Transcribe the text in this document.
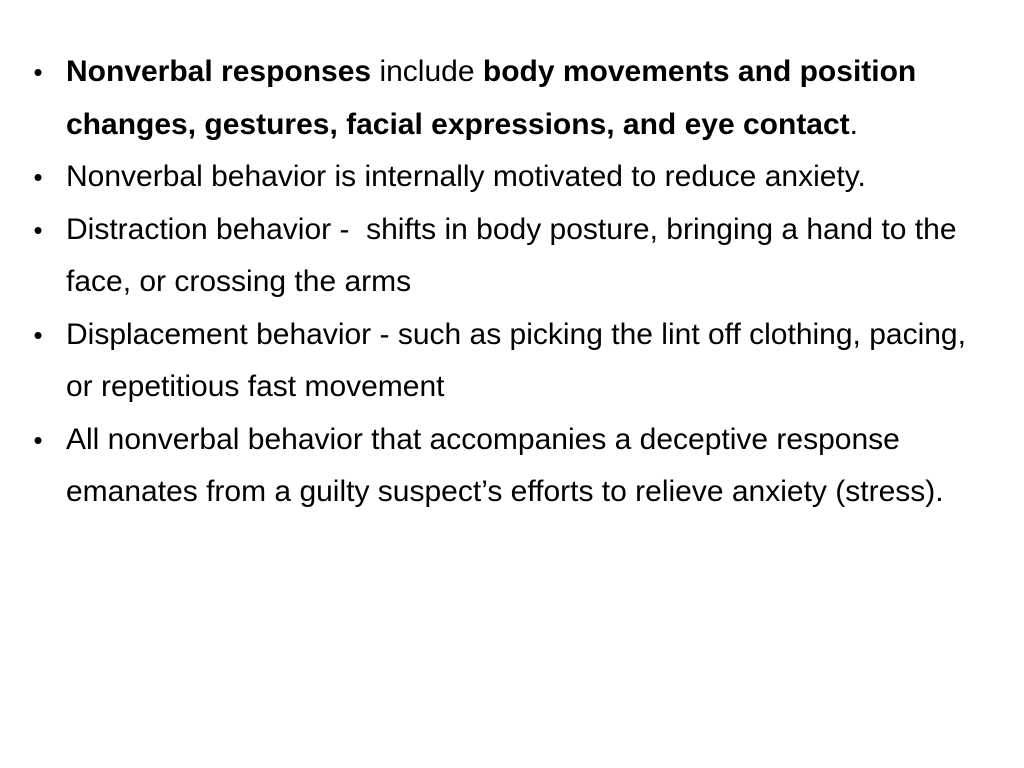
• Nonverbal responses include body movements and position changes, gestures, facial expressions, and eye contact.
• Nonverbal behavior is internally motivated to reduce anxiety.
• Distraction behavior -  shifts in body posture, bringing a hand to the face, or crossing the arms
• Displacement behavior - such as picking the lint off clothing, pacing, or repetitious fast movement
• All nonverbal behavior that accompanies a deceptive response emanates from a guilty suspect’s efforts to relieve anxiety (stress).
